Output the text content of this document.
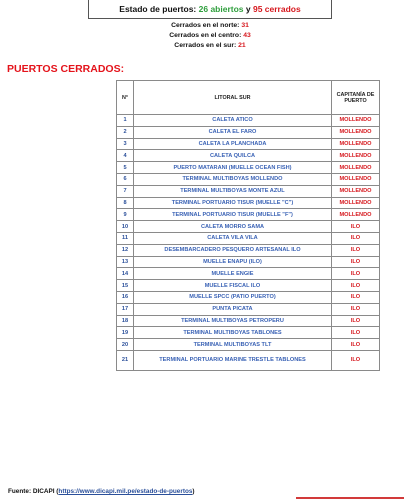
Estado de puertos: 26 abiertos y 95 cerrados
Cerrados en el norte: 31
Cerrados en el centro: 43
Cerrados en el sur: 21
PUERTOS CERRADOS:
N°	LITORAL SUR	CAPITANÍA DE PUERTO
1	CALETA ATICO	MOLLENDO
2	CALETA EL FARO	MOLLENDO
3	CALETA LA PLANCHADA	MOLLENDO
4	CALETA QUILCA	MOLLENDO
5	PUERTO MATARANI (MUELLE OCEAN FISH)	MOLLENDO
6	TERMINAL MULTIBOYAS MOLLENDO	MOLLENDO
7	TERMINAL MULTIBOYAS MONTE AZUL	MOLLENDO
8	TERMINAL PORTUARIO TISUR (MUELLE "C")	MOLLENDO
9	TERMINAL PORTUARIO TISUR (MUELLE "F")	MOLLENDO
10	CALETA MORRO SAMA	ILO
11	CALETA VILA VILA	ILO
12	DESEMBARCADERO PESQUERO ARTESANAL ILO	ILO
13	MUELLE ENAPU (ILO)	ILO
14	MUELLE ENGIE	ILO
15	MUELLE FISCAL ILO	ILO
16	MUELLE SPCC (PATIO PUERTO)	ILO
17	PUNTA PICATA	ILO
18	TERMINAL MULTIBOYAS PETROPERU	ILO
19	TERMINAL MULTIBOYAS TABLONES	ILO
20	TERMINAL MULTIBOYAS TLT	ILO
21	TERMINAL PORTUARIO MARINE TRESTLE TABLONES	ILO
Fuente: DICAPI (https://www.dicapi.mil.pe/estado-de-puertos)
